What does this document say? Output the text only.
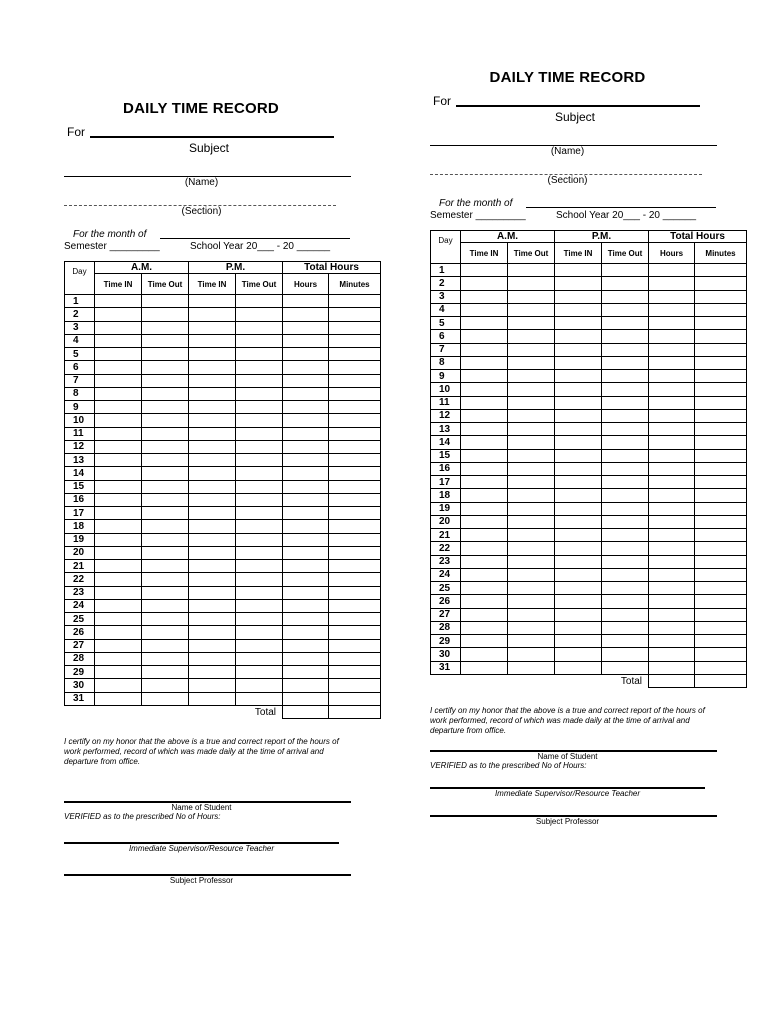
DAILY TIME RECORD
For
Subject
(Name)
(Section)
For the month of
Semester _________	School Year 20___ - 20 ______
Day	A.M.		P.M.		Total Hours	
	Time IN	Time Out	Time IN	Time Out	Hours	Minutes
1						
2						
3						
4						
5						
6						
7						
8						
9						
10						
11						
12						
13						
14						
15						
16						
17						
18						
19						
20						
21						
22						
23						
24						
25						
26						
27						
28						
29						
30						
31						
				Total		
I certify on my honor that the above is a true and correct report of the hours of work performed, record of which was made daily at the time of arrival and departure from office.
Name of Student
VERIFIED as to the prescribed No of Hours:
Immediate Supervisor/Resource Teacher
Subject Professor
DAILY TIME RECORD
For
Subject
(Name)
(Section)
For the month of
Semester _________	School Year 20___ - 20 ______
Day	A.M.		P.M.		Total Hours	
	Time IN	Time Out	Time IN	Time Out	Hours	Minutes
1						
2						
3						
4						
5						
6						
7						
8						
9						
10						
11						
12						
13						
14						
15						
16						
17						
18						
19						
20						
21						
22						
23						
24						
25						
26						
27						
28						
29						
30						
31						
				Total		
I certify on my honor that the above is a true and correct report of the hours of work performed, record of which was made daily at the time of arrival and departure from office.
Name of Student
VERIFIED as to the prescribed No of Hours:
Immediate Supervisor/Resource Teacher
Subject Professor
